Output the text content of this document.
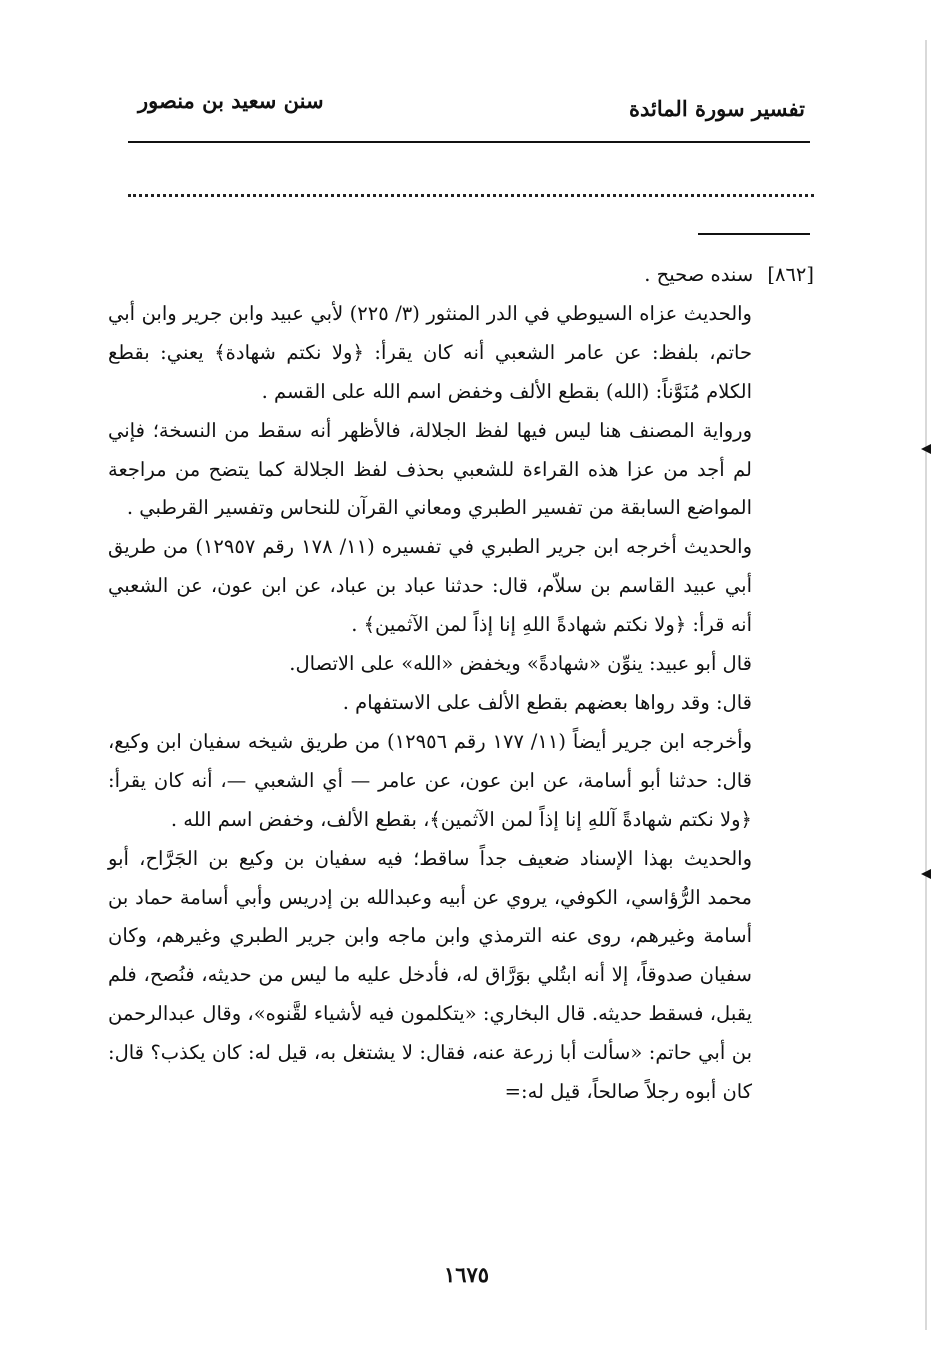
سنن سعيد بن منصور	تفسير سورة المائدة

[٨٦٢] سنده صحيح .

والحديث عزاه السيوطي في الدر المنثور (٣/ ٢٢٥) لأبي عبيد وابن جرير وابن أبي حاتم، بلفظ: عن عامر الشعبي أنه كان يقرأ: ﴿ولا نكتم شهادة﴾ يعني: بقطع الكلام مُنَوَّناً: (الله) بقطع الألف وخفض اسم الله على القسم .

ورواية المصنف هنا ليس فيها لفظ الجلالة، فالأظهر أنه سقط من النسخة؛ فإني لم أجد من عزا هذه القراءة للشعبي بحذف لفظ الجلالة كما يتضح من مراجعة المواضع السابقة من تفسير الطبري ومعاني القرآن للنحاس وتفسير القرطبي .

والحديث أخرجه ابن جرير الطبري في تفسيره (١١/ ١٧٨ رقم ١٢٩٥٧) من طريق أبي عبيد القاسم بن سلاّم، قال: حدثنا عباد بن عباد، عن ابن عون، عن الشعبي أنه قرأ: ﴿ولا نكتم شهادةً اللهِ إنا إذاً لمن الآثمين﴾ .

قال أبو عبيد: ينوِّن «شهادةً» ويخفض «الله» على الاتصال.

قال: وقد رواها بعضهم بقطع الألف على الاستفهام .

وأخرجه ابن جرير أيضاً (١١/ ١٧٧ رقم ١٢٩٥٦) من طريق شيخه سفيان ابن وكيع، قال: حدثنا أبو أسامة، عن ابن عون، عن عامر — أي الشعبي —، أنه كان يقرأ: ﴿ولا نكتم شهادةً آللهِ إنا إذاً لمن الآثمين﴾، بقطع الألف، وخفض اسم الله .

والحديث بهذا الإسناد ضعيف جداً ساقط؛ فيه سفيان بن وكيع بن الجَرَّاح، أبو محمد الرُّؤاسي، الكوفي، يروي عن أبيه وعبدالله بن إدريس وأبي أسامة حماد بن أسامة وغيرهم، روى عنه الترمذي وابن ماجه وابن جرير الطبري وغيرهم، وكان سفيان صدوقاً، إلا أنه ابتُلي بوَرَّاق له، فأدخل عليه ما ليس من حديثه، فنُصح، فلم يقبل، فسقط حديثه. قال البخاري: «يتكلمون فيه لأشياء لقَّنوه»، وقال عبدالرحمن بن أبي حاتم: «سألت أبا زرعة عنه، فقال: لا يشتغل به، قيل له: كان يكذب؟ قال: كان أبوه رجلاً صالحاً، قيل له:=

١٦٧٥
